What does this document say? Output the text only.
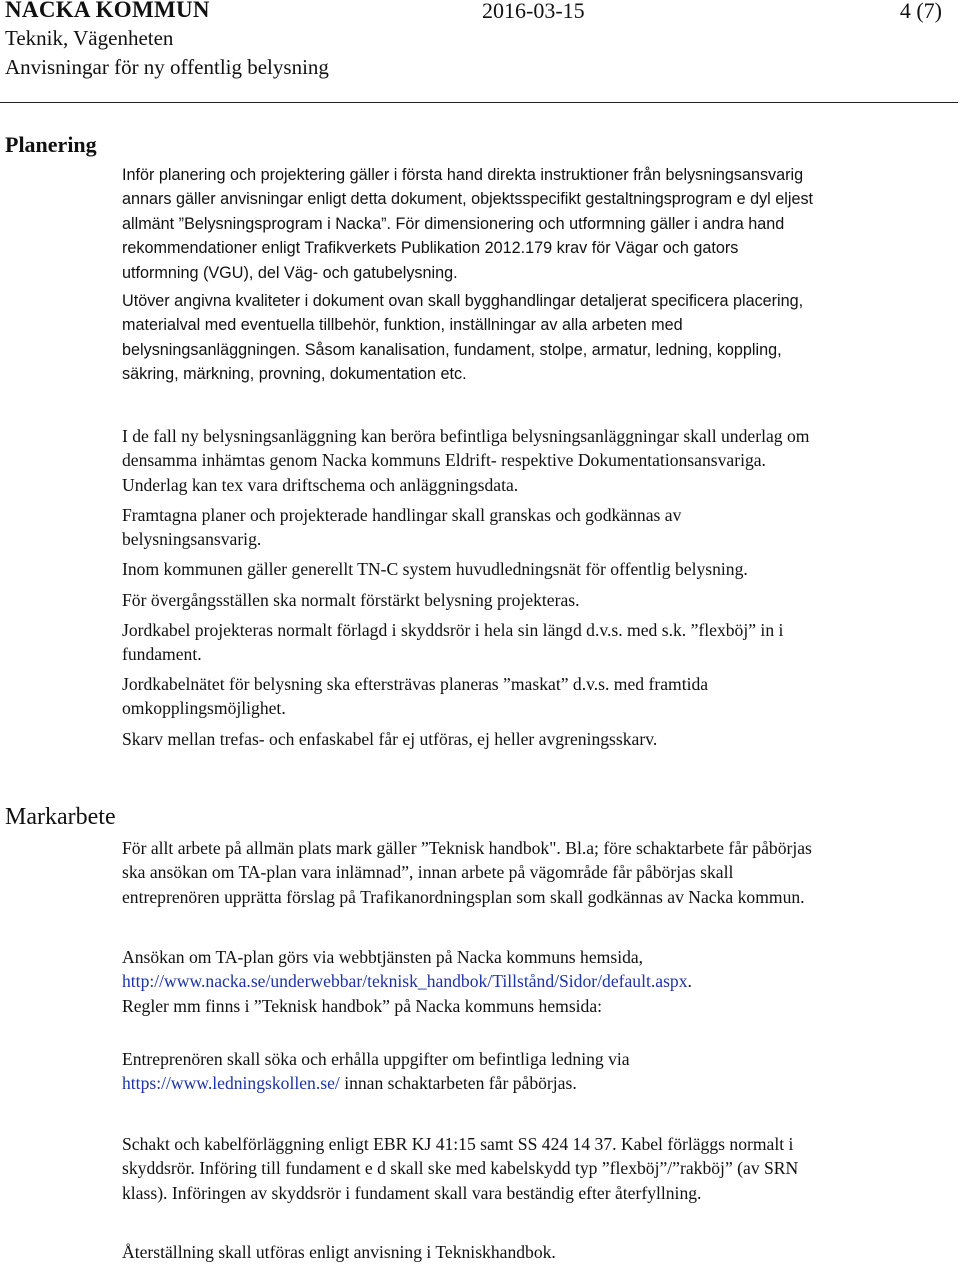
NACKA KOMMUN	2016-03-15	4 (7)
Teknik, Vägenheten
Anvisningar för ny offentlig belysning
Planering
Inför planering och projektering gäller i första hand direkta instruktioner från belysningsansvarig
annars gäller anvisningar enligt detta dokument, objektsspecifikt gestaltningsprogram e dyl eljest
allmänt ”Belysningsprogram i Nacka”. För dimensionering och utformning gäller i andra hand
rekommendationer enligt Trafikverkets Publikation 2012.179 krav för Vägar och gators
utformning (VGU), del Väg- och gatubelysning.
Utöver angivna kvaliteter i dokument ovan skall bygghandlingar detaljerat specificera placering,
materialval med eventuella tillbehör, funktion, inställningar av alla arbeten med
belysningsanläggningen. Såsom kanalisation, fundament, stolpe, armatur, ledning, koppling,
säkring, märkning, provning, dokumentation etc.
I de fall ny belysningsanläggning kan beröra befintliga belysningsanläggningar skall underlag om
densamma inhämtas genom Nacka kommuns Eldrift- respektive Dokumentationsansvariga.
Underlag kan tex vara driftschema och anläggningsdata.
Framtagna planer och projekterade handlingar skall granskas och godkännas av
belysningsansvarig.
Inom kommunen gäller generellt TN-C system huvudledningsnät för offentlig belysning.
För övergångsställen ska normalt förstärkt belysning projekteras.
Jordkabel projekteras normalt förlagd i skyddsrör i hela sin längd d.v.s. med s.k. ”flexböj” in i
fundament.
Jordkabelnätet för belysning ska eftersträvas planeras ”maskat” d.v.s. med framtida
omkopplingsmöjlighet.
Skarv mellan trefas- och enfaskabel får ej utföras, ej heller avgreningsskarv.
Markarbete
För allt arbete på allmän plats mark gäller ”Teknisk handbok". Bl.a; före schaktarbete får påbörjas
ska ansökan om TA-plan vara inlämnad”, innan arbete på vägområde får påbörjas skall
entreprenören upprätta förslag på Trafikanordningsplan som skall godkännas av Nacka kommun.
Ansökan om TA-plan görs via webbtjänsten på Nacka kommuns hemsida,
http://www.nacka.se/underwebbar/teknisk_handbok/Tillstånd/Sidor/default.aspx.
Regler mm finns i ”Teknisk handbok” på Nacka kommuns hemsida:
Entreprenören skall söka och erhålla uppgifter om befintliga ledning via
https://www.ledningskollen.se/ innan schaktarbeten får påbörjas.
Schakt och kabelförläggning enligt EBR KJ 41:15 samt SS 424 14 37. Kabel förläggs normalt i
skyddsrör. Införing till fundament e d skall ske med kabelskydd typ ”flexböj”/”rakböj” (av SRN
klass). Införingen av skyddsrör i fundament skall vara beständig efter återfyllning.
Återställning skall utföras enligt anvisning i Tekniskhandbok.
